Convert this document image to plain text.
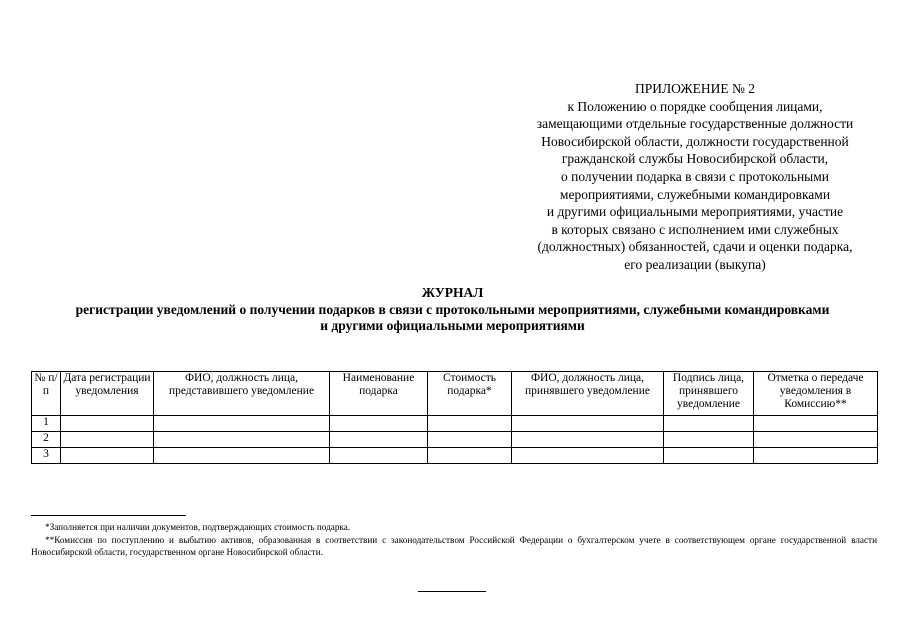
ПРИЛОЖЕНИЕ № 2
к Положению о порядке сообщения лицами,
замещающими отдельные государственные должности
Новосибирской области, должности государственной
гражданской службы Новосибирской области,
о получении подарка в связи с протокольными
мероприятиями, служебными командировками
и другими официальными мероприятиями, участие
в которых связано с исполнением ими служебных
(должностных) обязанностей, сдачи и оценки подарка,
его реализации (выкупа)
ЖУРНАЛ
регистрации уведомлений о получении подарков в связи с протокольными мероприятиями, служебными командировками
и другими официальными мероприятиями
№ п/п	Дата регистрации уведомления	ФИО, должность лица, представившего уведомление	Наименование подарка	Стоимость подарка*	ФИО, должность лица, принявшего уведомление	Подпись лица, принявшего уведомление	Отметка о передаче уведомления в Комиссию**
1							
2							
3							

*Заполняется при наличии документов, подтверждающих стоимость подарка.

**Комиссия по поступлению и выбытию активов, образованная в соответствии с законодательством Российской Федерации о бухгалтерском учете в соответствующем органе государственной власти Новосибирской области, государственном органе Новосибирской области.
